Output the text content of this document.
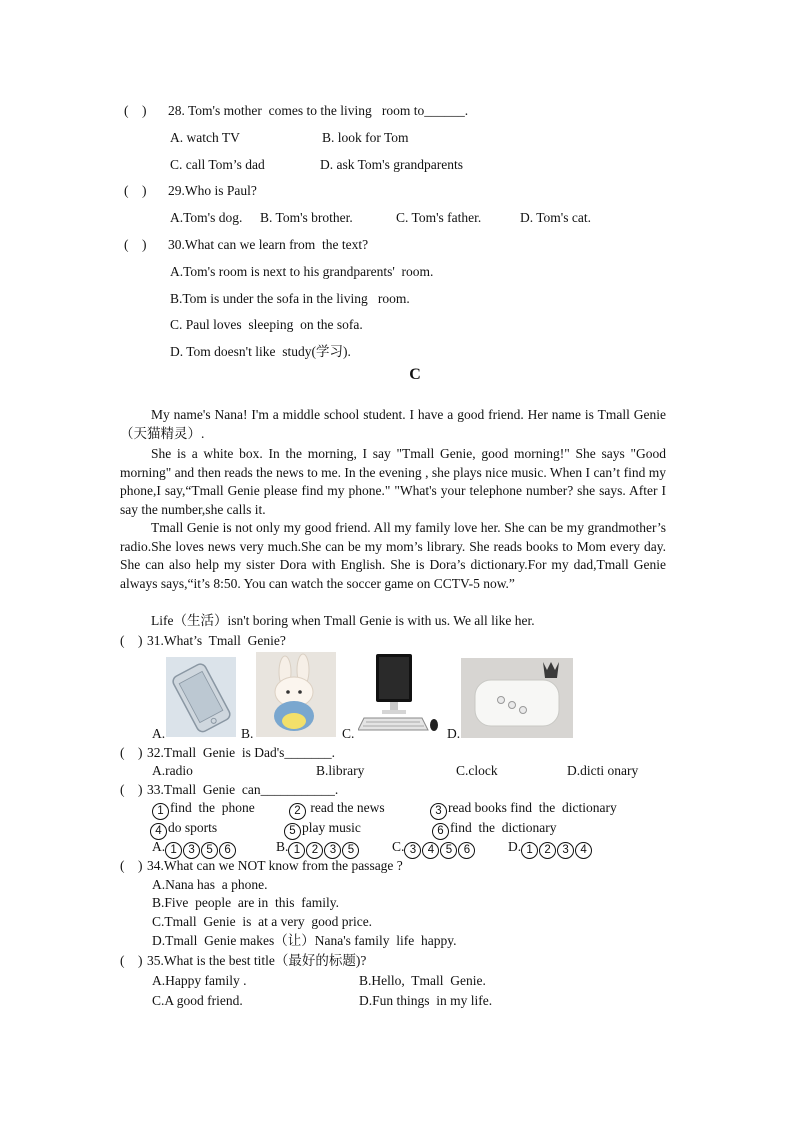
(    ) 28. Tom's mother  comes to the living   room to______.
A. watch TV	B. look for Tom
C. call Tom’s dad	D. ask Tom's grandparents
(    ) 29.Who is Paul?
A.Tom's dog. B. Tom's brother.	C. Tom's father.	D. Tom's cat.
(    ) 30.What can we learn from  the text?
A.Tom's room is next to his grandparents'  room.
B.Tom is under the sofa in the living   room.
C. Paul loves  sleeping  on the sofa.
D. Tom doesn't like  study(学习).
C
My name's Nana! I'm a middle school student. I have a good friend. Her name is Tmall Genie （天猫精灵）.
She is a white box. In the morning, I say "Tmall Genie, good morning!" She says "Good morning" and then reads the news to me. In the evening , she plays nice music. When I can’t find my phone,I say,“Tmall Genie please find my phone." "What's your telephone number? she says. After I say the number,she calls it.
Tmall Genie is not only my good friend. All my family love her. She can be my grandmother’s radio.She loves news very much.She can be my mom’s library. She reads books to Mom every day. She can also help my sister Dora with English. She is Dora’s dictionary.For my dad,Tmall Genie always says,“it’s 8:50. You can watch the soccer game on CCTV-5 now.”
Life（生活）isn't boring when Tmall Genie is with us. We all like her.
(    ) 31.What’s  Tmall  Genie?
A.	B.	C.	D.
(    ) 32.Tmall  Genie  is Dad's_______.
A.radio	B.library	C.clock	D.dicti onary
(    ) 33.Tmall  Genie  can___________.
1 find  the  phone	2 read the news	3 read books find  the  dictionary
4 do sports	5 play music	6 find  the  dictionary
A. 1 3 5 6	B. 1 2 3 5	C. 3 4 5 6	D. 1 2 3 4
(    ) 34.What can we NOT know from the passage ?
A.Nana has  a phone.
B.Five  people  are in  this  family.
C.Tmall  Genie  is  at a very  good price.
D.Tmall  Genie makes（让）Nana's family  life  happy.
(    ) 35.What is the best title（最好的标题)?
A.Happy family .	B.Hello,  Tmall  Genie.
C.A good friend.	D.Fun things  in my life.
